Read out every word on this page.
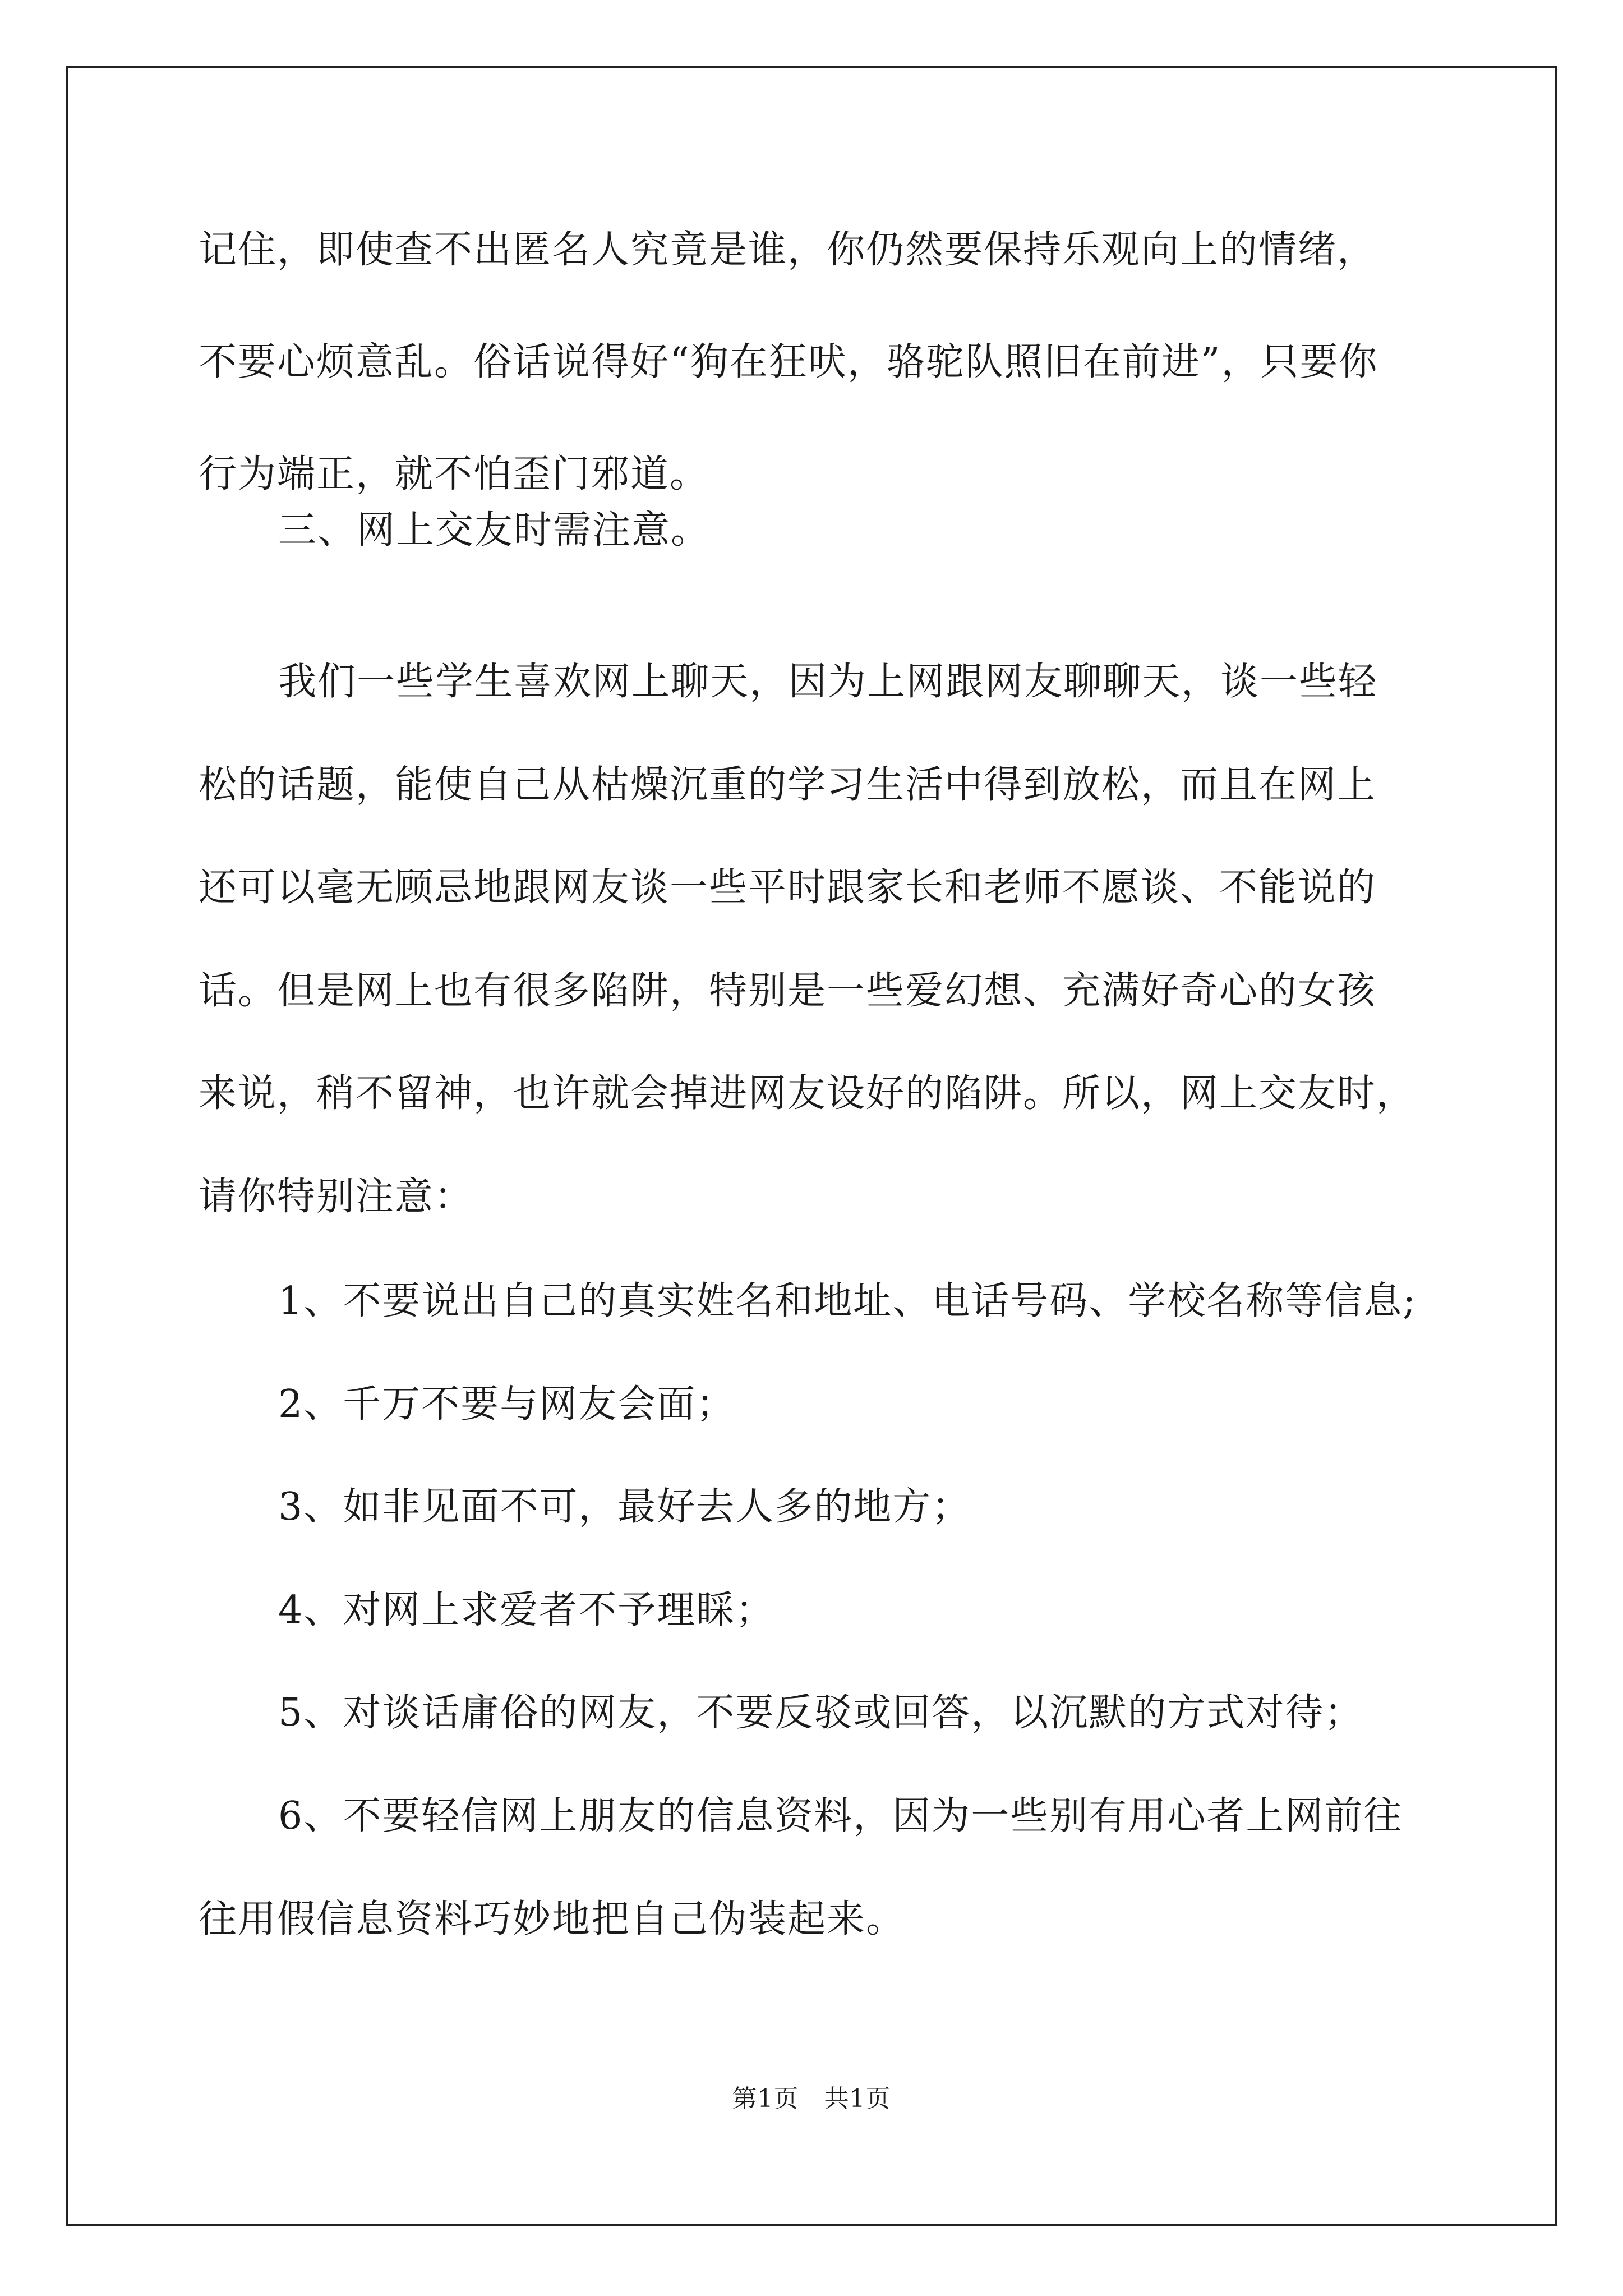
记住，即使查不出匿名人究竟是谁，你仍然要保持乐观向上的情绪，
不要心烦意乱。俗话说得好“狗在狂吠，骆驼队照旧在前进”，只要你
行为端正，就不怕歪门邪道。
三、网上交友时需注意。
我们一些学生喜欢网上聊天，因为上网跟网友聊聊天，谈一些轻
松的话题，能使自己从枯燥沉重的学习生活中得到放松，而且在网上
还可以毫无顾忌地跟网友谈一些平时跟家长和老师不愿谈、不能说的
话。但是网上也有很多陷阱，特别是一些爱幻想、充满好奇心的女孩
来说，稍不留神，也许就会掉进网友设好的陷阱。所以，网上交友时，
请你特别注意：
1、不要说出自己的真实姓名和地址、电话号码、学校名称等信息;
2、千万不要与网友会面；
3、如非见面不可，最好去人多的地方；
4、对网上求爱者不予理睬；
5、对谈话庸俗的网友，不要反驳或回答，以沉默的方式对待；
6、不要轻信网上朋友的信息资料，因为一些别有用心者上网前往
往用假信息资料巧妙地把自己伪装起来。
第1页　共1页
